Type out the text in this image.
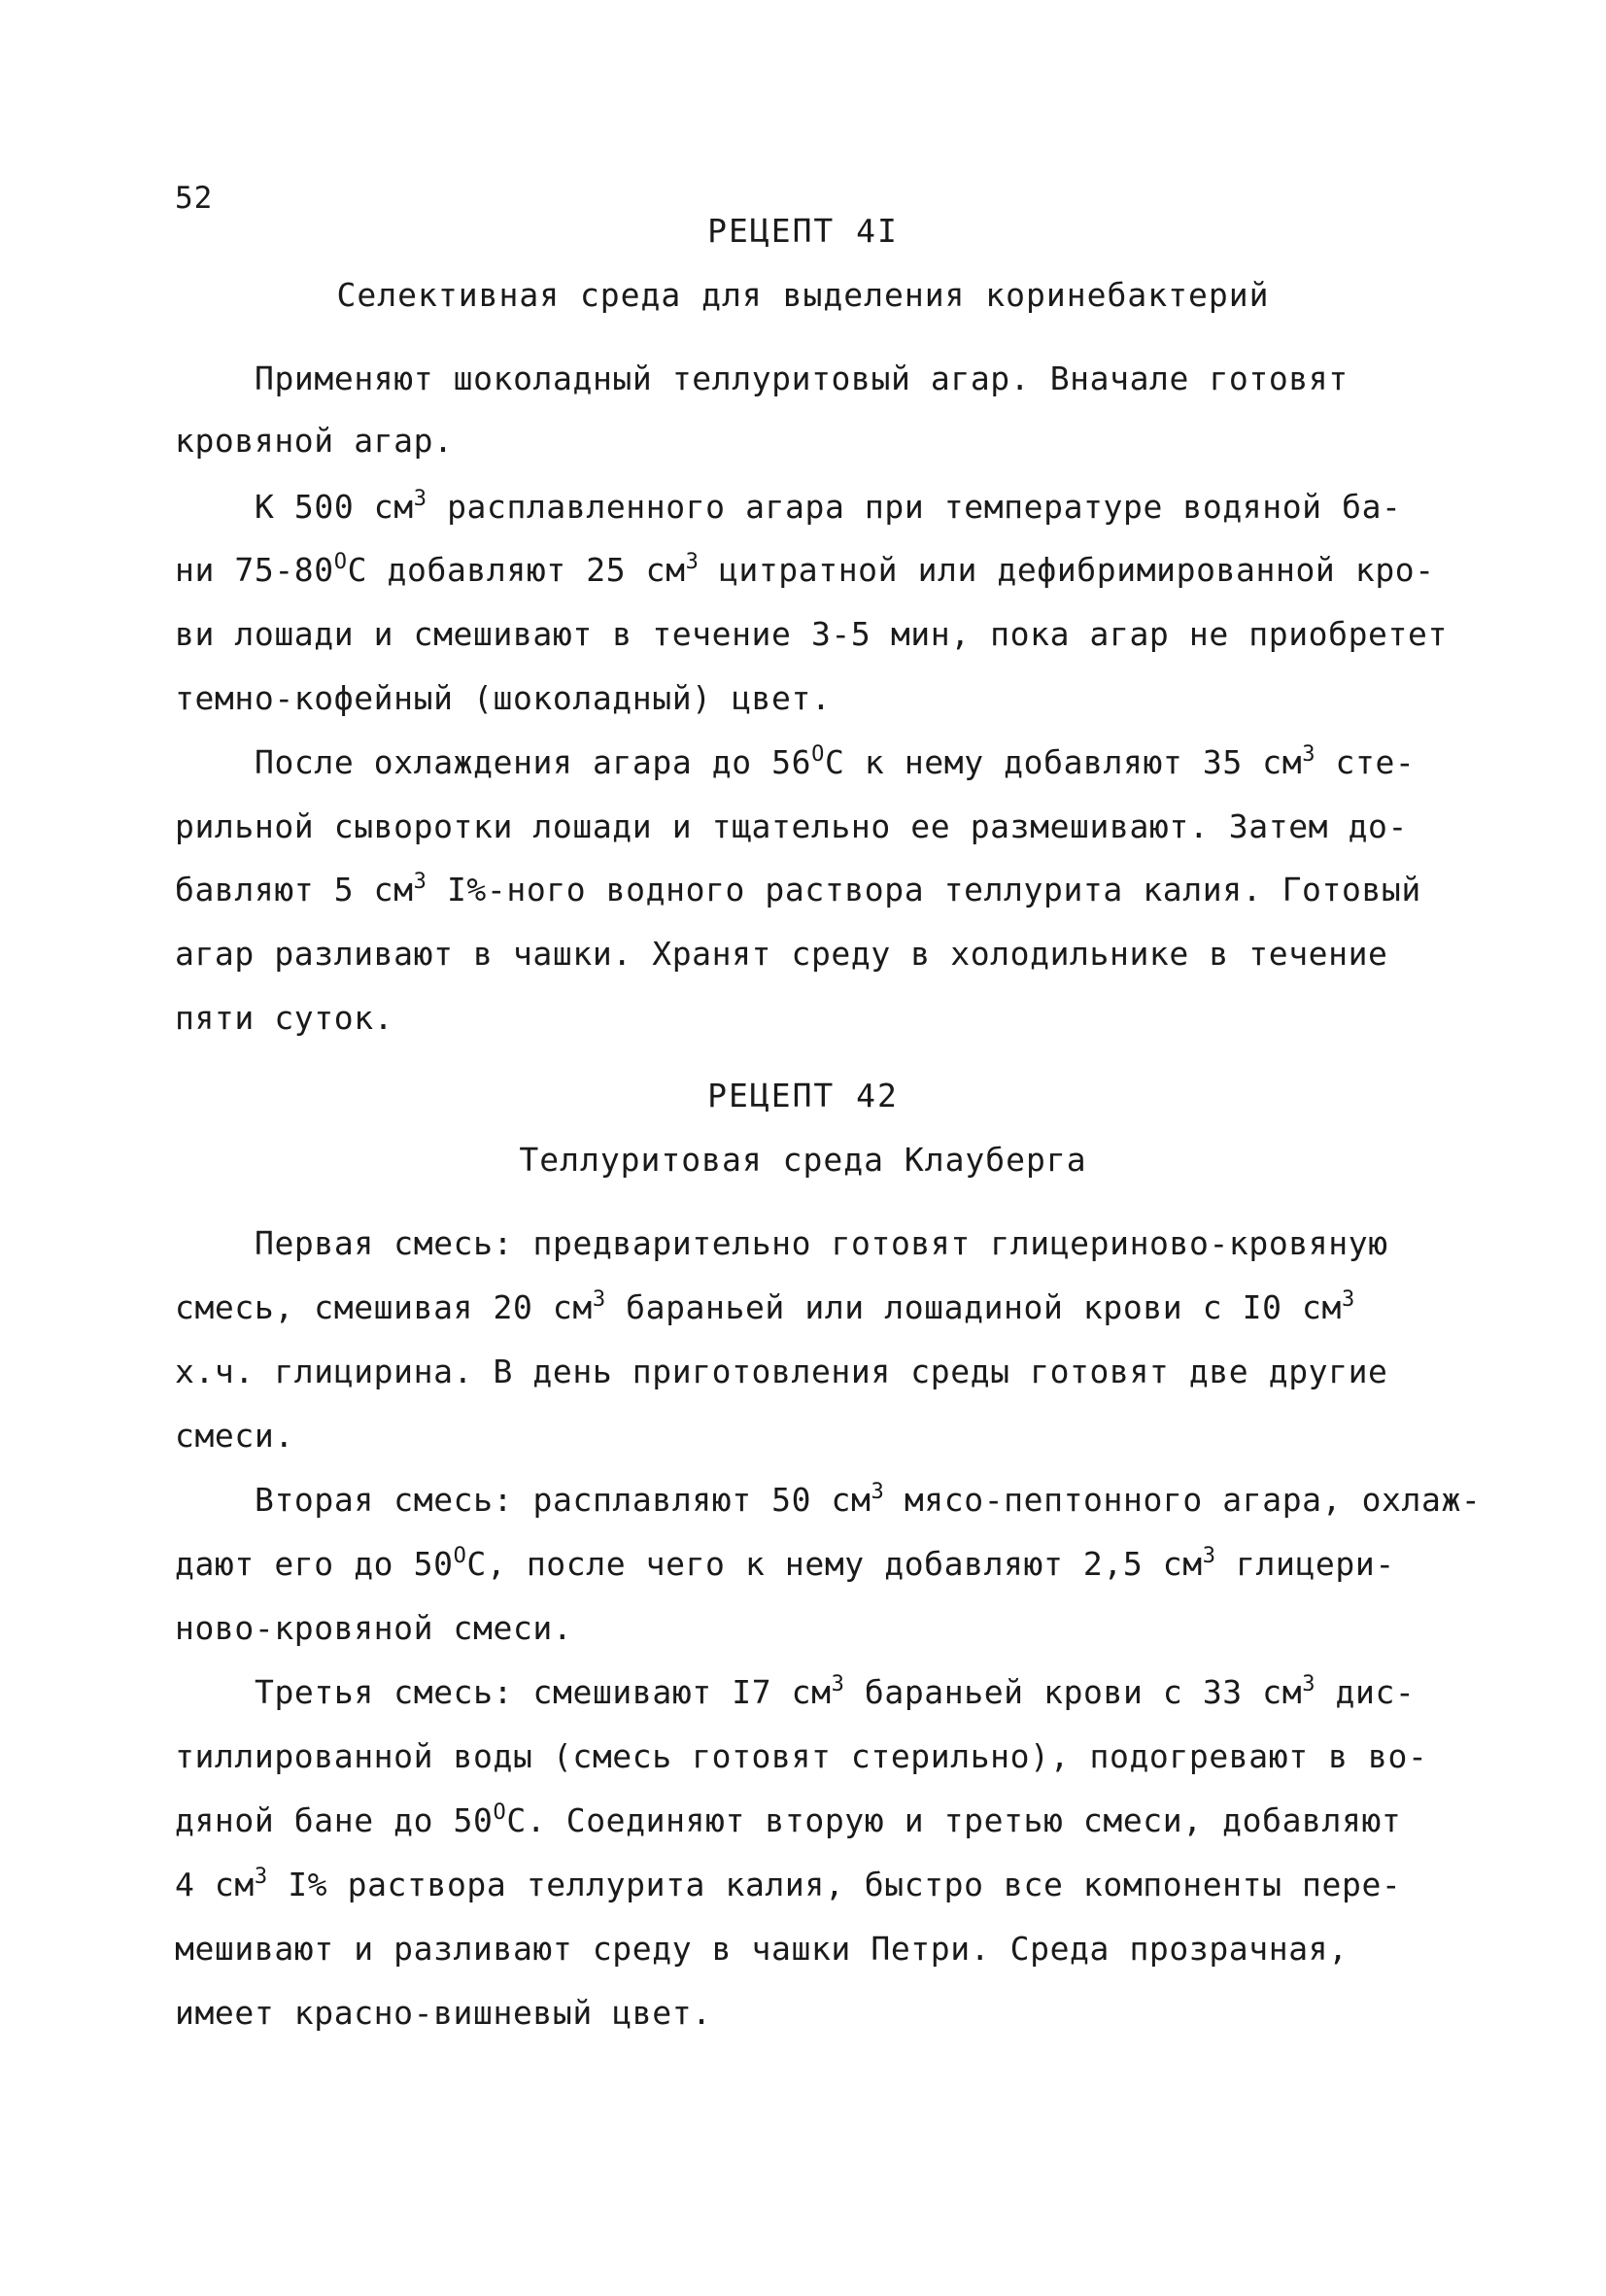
52
РЕЦЕПТ 4I
Селективная среда для выделения коринебактерий
Применяют шоколадный теллуритовый агар. Вначале готовят
кровяной агар.
К 500 $см^3$ расплавленного агара при температуре водяной ба-
ни $75-80^ОС$ добавляют 25 $см^3$ цитратной или дефибримированной кро-
ви лошади и смешивают в течение 3-5 мин, пока агар не приобретет
темно-кофейный (шоколадный) цвет.
После охлаждения агара до $56^ОС$ к нему добавляют 35 $см^3$ сте-
рильной сыворотки лошади и тщательно ее размешивают. Затем до-
бавляют 5 $см^3$ I%-ного водного раствора теллурита калия. Готовый
агар разливают в чашки. Хранят среду в холодильнике в течение
пяти суток.
РЕЦЕПТ 42
Теллуритовая среда Клауберга
Первая смесь: предварительно готовят глицериново-кровяную
смесь, смешивая 20 $см^3$ бараньей или лошадиной крови с I0 $см^3$
х.ч. глицирина. В день приготовления среды готовят две другие
смеси.
Вторая смесь: расплавляют 50 $см^3$ мясо-пептонного агара, охлаж-
дают его до $50^ОС$, после чего к нему добавляют 2,5 $см^3$ глицери-
ново-кровяной смеси.
Третья смесь: смешивают I7 $см^3$ бараньей крови с 33 $см^3$ дис-
тиллированной воды (смесь готовят стерильно), подогревают в во-
дяной бане до $50^ОС$. Соединяют вторую и третью смеси, добавляют
4 $см^3$ I% раствора теллурита калия, быстро все компоненты пере-
мешивают и разливают среду в чашки Петри. Среда прозрачная,
имеет красно-вишневый цвет.
